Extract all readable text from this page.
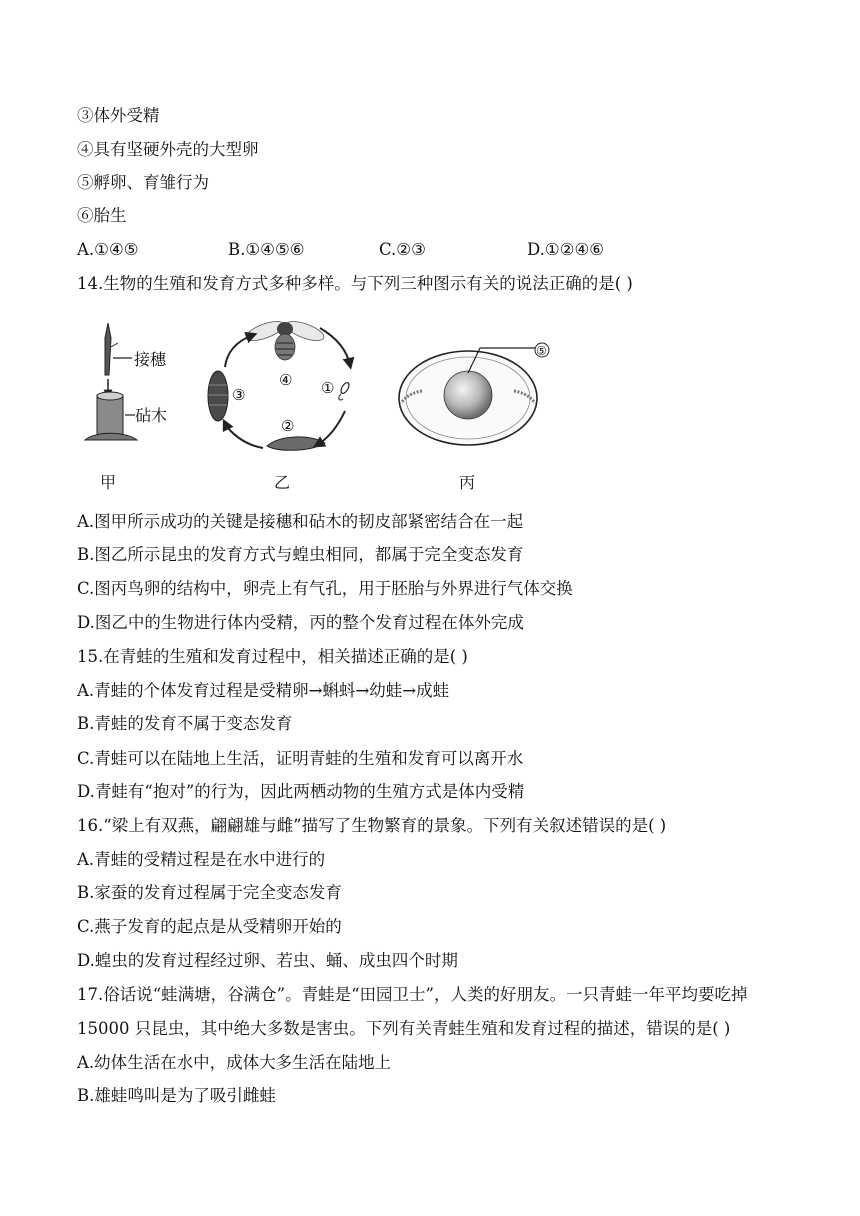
③体外受精
④具有坚硬外壳的大型卵
⑤孵卵、育雏行为
⑥胎生
A.①④⑤	B.①④⑤⑥	C.②③	D.①②④⑥
14.生物的生殖和发育方式多种多样。与下列三种图示有关的说法正确的是( )
接穗
砧木
①
②
③
④
⑤
甲	乙	丙
A.图甲所示成功的关键是接穗和砧木的韧皮部紧密结合在一起
B.图乙所示昆虫的发育方式与蝗虫相同，都属于完全变态发育
C.图丙鸟卵的结构中，卵壳上有气孔，用于胚胎与外界进行气体交换
D.图乙中的生物进行体内受精，丙的整个发育过程在体外完成
15.在青蛙的生殖和发育过程中，相关描述正确的是( )
A.青蛙的个体发育过程是受精卵→蝌蚪→幼蛙→成蛙
B.青蛙的发育不属于变态发育
C.青蛙可以在陆地上生活，证明青蛙的生殖和发育可以离开水
D.青蛙有“抱对”的行为，因此两栖动物的生殖方式是体内受精
16.“梁上有双燕，翩翩雄与雌”描写了生物繁育的景象。下列有关叙述错误的是( )
A.青蛙的受精过程是在水中进行的
B.家蚕的发育过程属于完全变态发育
C.燕子发育的起点是从受精卵开始的
D.蝗虫的发育过程经过卵、若虫、蛹、成虫四个时期
17.俗话说“蛙满塘，谷满仓”。青蛙是“田园卫士”，人类的好朋友。一只青蛙一年平均要吃掉
15000 只昆虫，其中绝大多数是害虫。下列有关青蛙生殖和发育过程的描述，错误的是( )
A.幼体生活在水中，成体大多生活在陆地上
B.雄蛙鸣叫是为了吸引雌蛙
